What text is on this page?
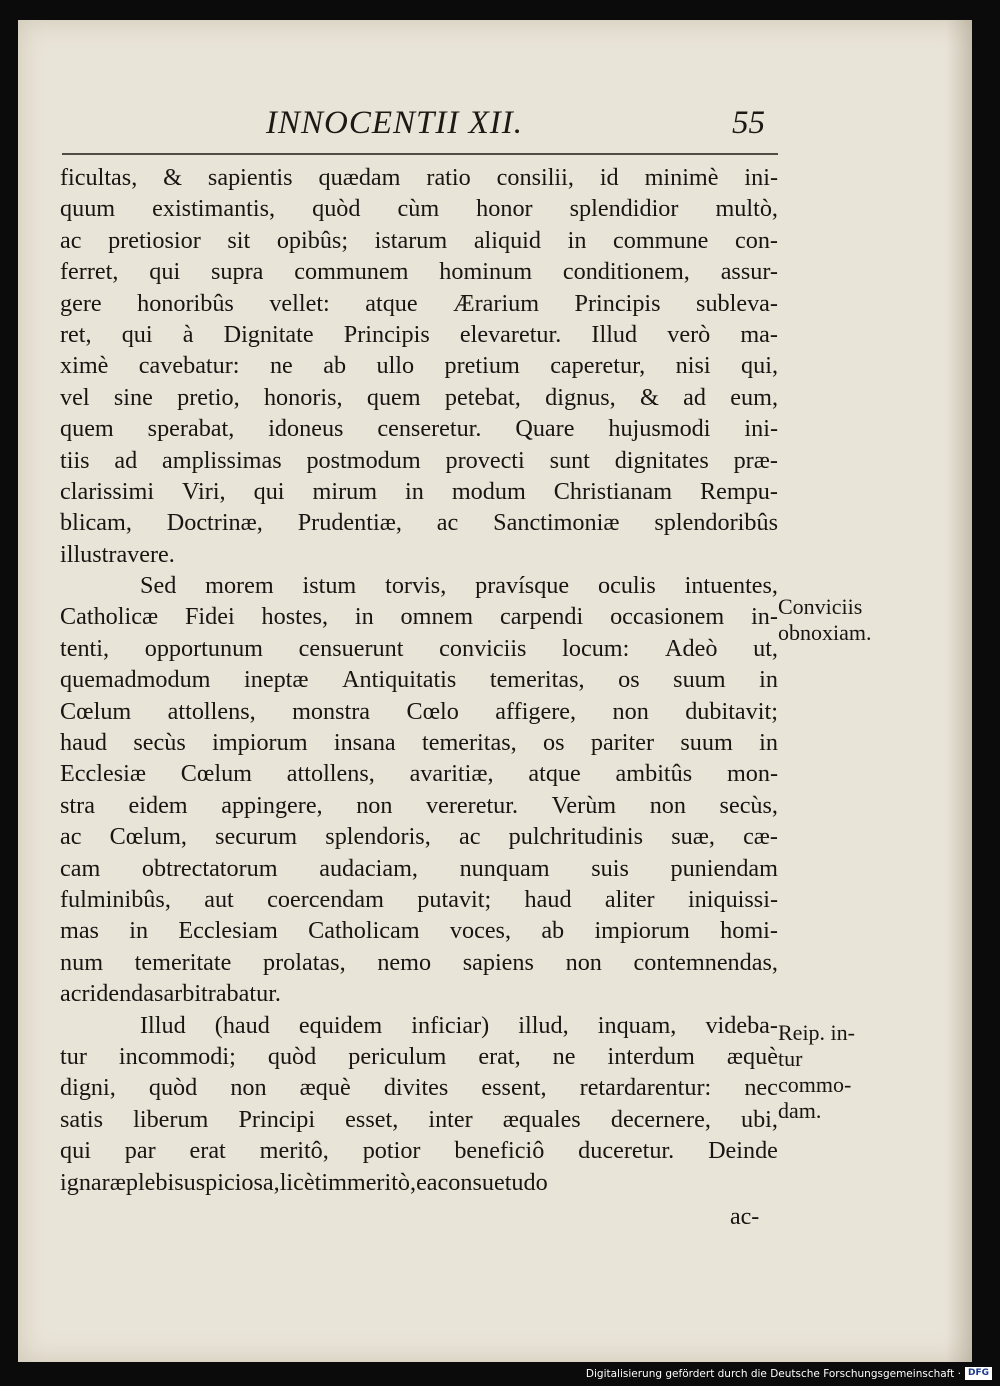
INNOCENTII XII.	55
ficultas, & sapientis quædam ratio consilii, id minimè ini-
quum existimantis, quòd cùm honor splendidior multò,
ac pretiosior sit opibûs; istarum aliquid in commune con-
ferret, qui supra communem hominum conditionem, assur-
gere honoribûs vellet: atque Ærarium Principis sublevа-
ret, qui à Dignitate Principis elevaretur. Illud verò ma-
ximè cavebatur: ne ab ullo pretium caperetur, nisi qui,
vel sine pretio, honoris, quem petebat, dignus, & ad eum,
quem sperabat, idoneus censeretur. Quare hujusmodi ini-
tiis ad amplissimas postmodum provecti sunt dignitates præ-
clarissimi Viri, qui mirum in modum Christianam Rempu-
blicam, Doctrinæ, Prudentiæ, ac Sanctimoniæ splendoribûs
illustravere.
Sed morem istum torvis, pravísque oculis intuentes,
Catholicæ Fidei hostes, in omnem carpendi occasionem in-
tenti, opportunum censuerunt conviciis locum: Adeò ut,
quemadmodum ineptæ Antiquitatis temeritas, os suum in
Cœlum attollens, monstra Cœlo affigere, non dubitavit;
haud secùs impiorum insana temeritas, os pariter suum in
Ecclesiæ Cœlum attollens, avaritiæ, atque ambitûs mon-
stra eidem appingere, non vereretur. Verùm non secùs,
ac Cœlum, securum splendoris, ac pulchritudinis suæ, cæ-
cam obtrectatorum audaciam, nunquam suis puniendam
fulminibûs, aut coercendam putavit; haud aliter iniquissi-
mas in Ecclesiam Catholicam voces, ab impiorum homi-
num temeritate prolatas, nemo sapiens non contemnendas,
ac ridendas arbitrabatur.
Illud (haud equidem inficiar) illud, inquam, videba-
tur incommodi; quòd periculum erat, ne interdum æquè
digni, quòd non æquè divites essent, retardarentur: nec
satis liberum Principi esset, inter æquales decernere, ubi,
qui par erat meritô, potior beneficiô duceretur. Deinde
ignaræ plebi suspiciosa, licèt immeritò, ea consuetudo
ac-
Conviciis
obnoxiam.
Reip. in-
tur
commo-
dam.
Digitalisierung gefördert durch die Deutsche Forschungsgemeinschaft · DFG
